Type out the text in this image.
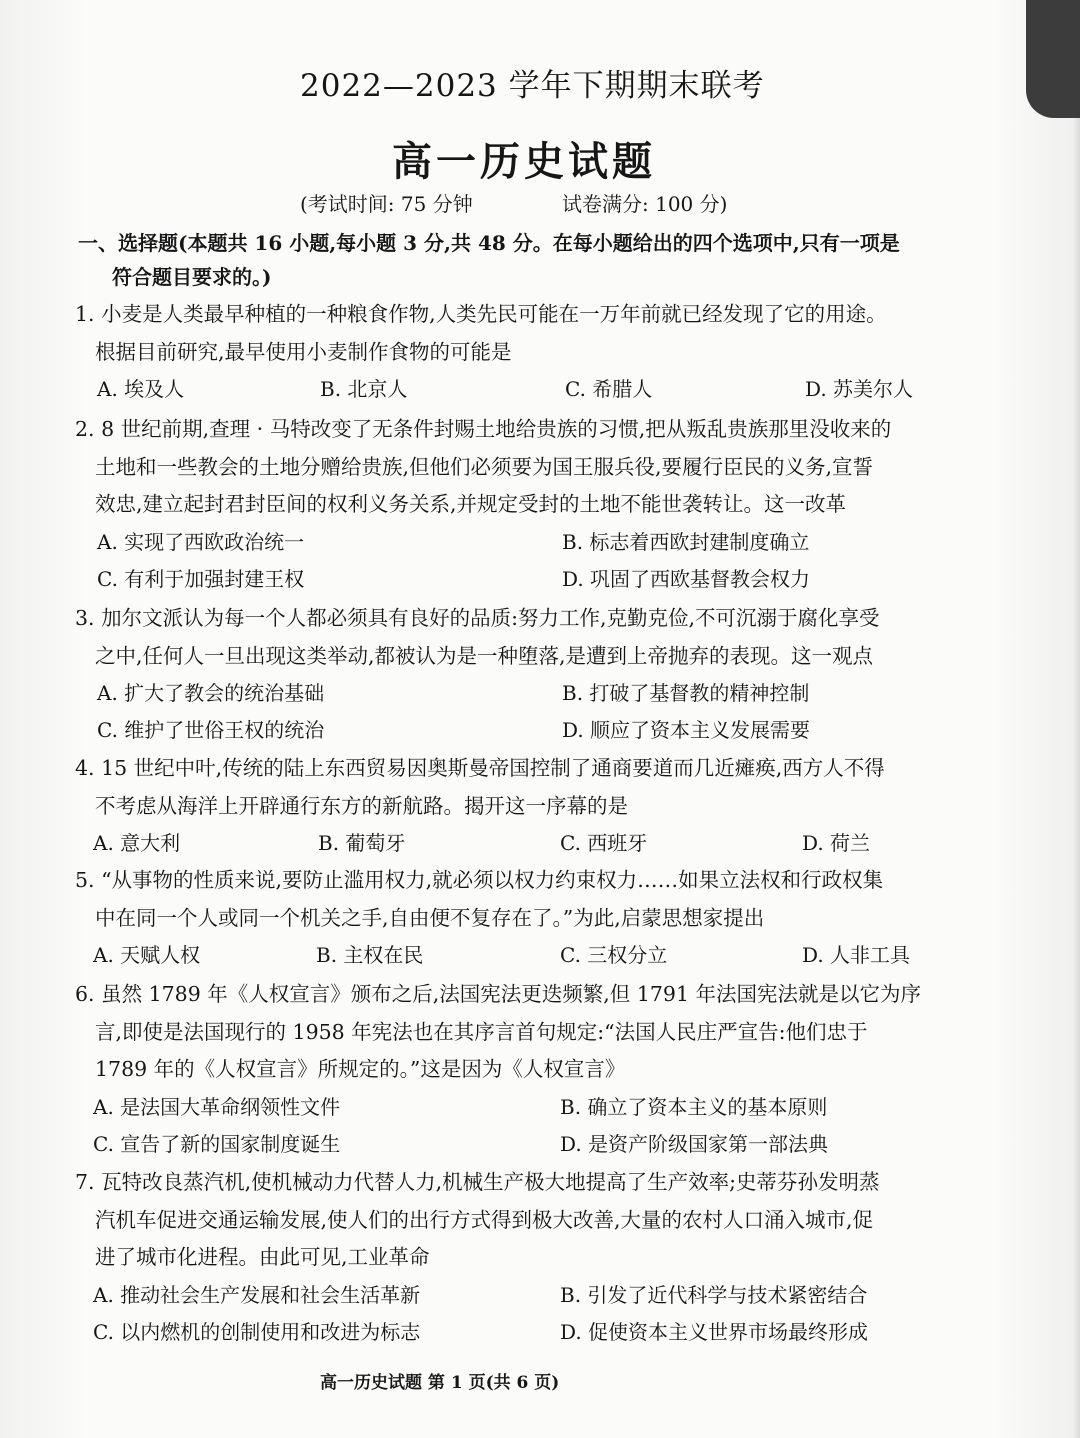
2022—2023 学年下期期末联考
高一历史试题
(考试时间: 75 分钟	试卷满分: 100 分)
一、选择题(本题共 16 小题,每小题 3 分,共 48 分。在每小题给出的四个选项中,只有一项是
符合题目要求的。)
1. 小麦是人类最早种植的一种粮食作物,人类先民可能在一万年前就已经发现了它的用途。
根据目前研究,最早使用小麦制作食物的可能是
A. 埃及人	B. 北京人	C. 希腊人	D. 苏美尔人
2. 8 世纪前期,查理 · 马特改变了无条件封赐土地给贵族的习惯,把从叛乱贵族那里没收来的
土地和一些教会的土地分赠给贵族,但他们必须要为国王服兵役,要履行臣民的义务,宣誓
效忠,建立起封君封臣间的权利义务关系,并规定受封的土地不能世袭转让。这一改革
A. 实现了西欧政治统一	B. 标志着西欧封建制度确立
C. 有利于加强封建王权	D. 巩固了西欧基督教会权力
3. 加尔文派认为每一个人都必须具有良好的品质:努力工作,克勤克俭,不可沉溺于腐化享受
之中,任何人一旦出现这类举动,都被认为是一种堕落,是遭到上帝抛弃的表现。这一观点
A. 扩大了教会的统治基础	B. 打破了基督教的精神控制
C. 维护了世俗王权的统治	D. 顺应了资本主义发展需要
4. 15 世纪中叶,传统的陆上东西贸易因奥斯曼帝国控制了通商要道而几近瘫痪,西方人不得
不考虑从海洋上开辟通行东方的新航路。揭开这一序幕的是
A. 意大利	B. 葡萄牙	C. 西班牙	D. 荷兰
5. “从事物的性质来说,要防止滥用权力,就必须以权力约束权力……如果立法权和行政权集
中在同一个人或同一个机关之手,自由便不复存在了。”为此,启蒙思想家提出
A. 天赋人权	B. 主权在民	C. 三权分立	D. 人非工具
6. 虽然 1789 年《人权宣言》颁布之后,法国宪法更迭频繁,但 1791 年法国宪法就是以它为序
言,即使是法国现行的 1958 年宪法也在其序言首句规定:“法国人民庄严宣告:他们忠于
1789 年的《人权宣言》所规定的。”这是因为《人权宣言》
A. 是法国大革命纲领性文件	B. 确立了资本主义的基本原则
C. 宣告了新的国家制度诞生	D. 是资产阶级国家第一部法典
7. 瓦特改良蒸汽机,使机械动力代替人力,机械生产极大地提高了生产效率;史蒂芬孙发明蒸
汽机车促进交通运输发展,使人们的出行方式得到极大改善,大量的农村人口涌入城市,促
进了城市化进程。由此可见,工业革命
A. 推动社会生产发展和社会生活革新	B. 引发了近代科学与技术紧密结合
C. 以内燃机的创制使用和改进为标志	D. 促使资本主义世界市场最终形成
高一历史试题 第 1 页(共 6 页)
